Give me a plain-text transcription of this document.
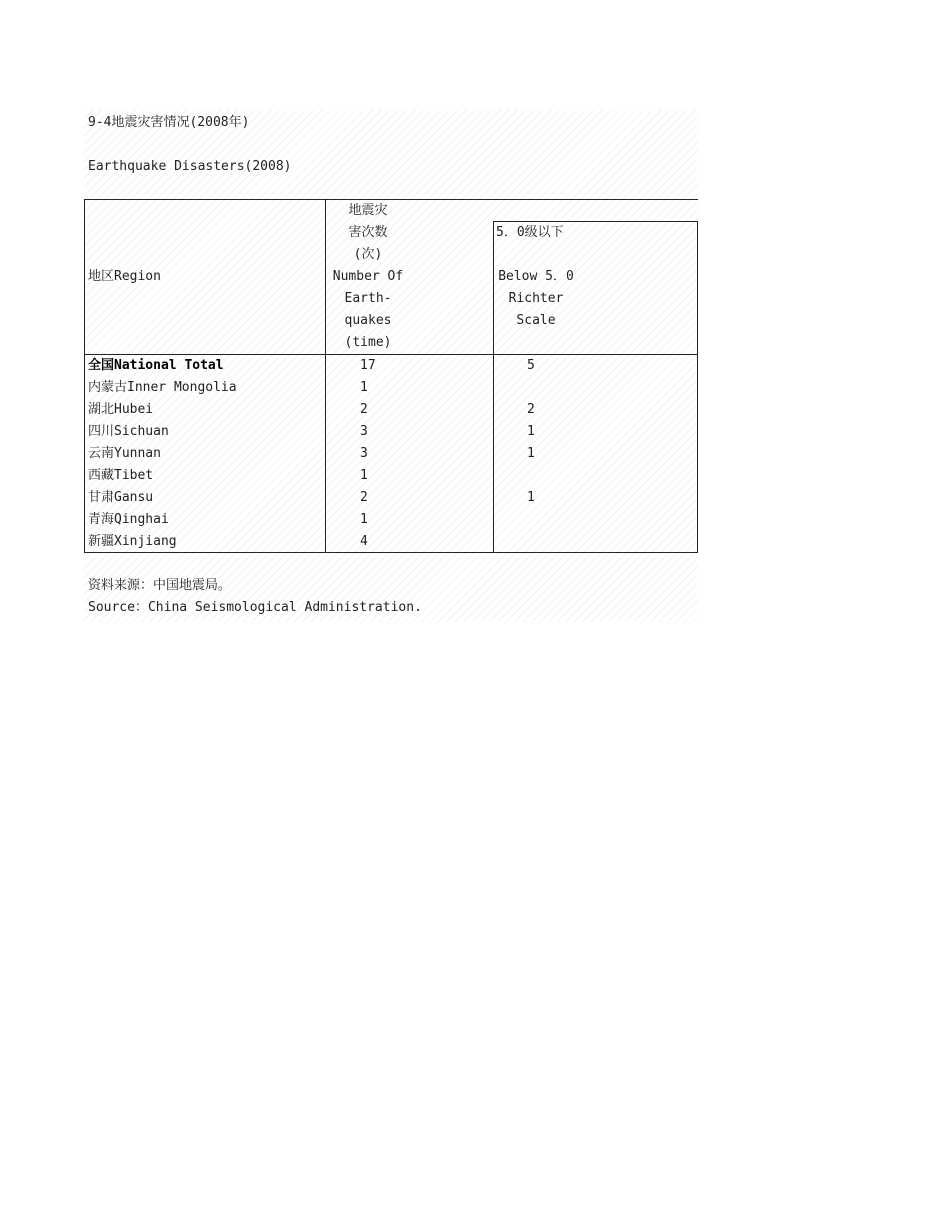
9-4地震灾害情况(2008年)
Earthquake Disasters(2008)
地区Region
地震灾
害次数
(次)
Number Of
Earth-
quakes
(time)
5．0级以下
Below 5．0
Richter
Scale
全国National Total	17	5
内蒙古Inner Mongolia	1
湖北Hubei	2	2
四川Sichuan	3	1
云南Yunnan	3	1
西藏Tibet	1
甘肃Gansu	2	1
青海Qinghai	1
新疆Xinjiang	4
资料来源：中国地震局。
Source：China Seismological Administration.
